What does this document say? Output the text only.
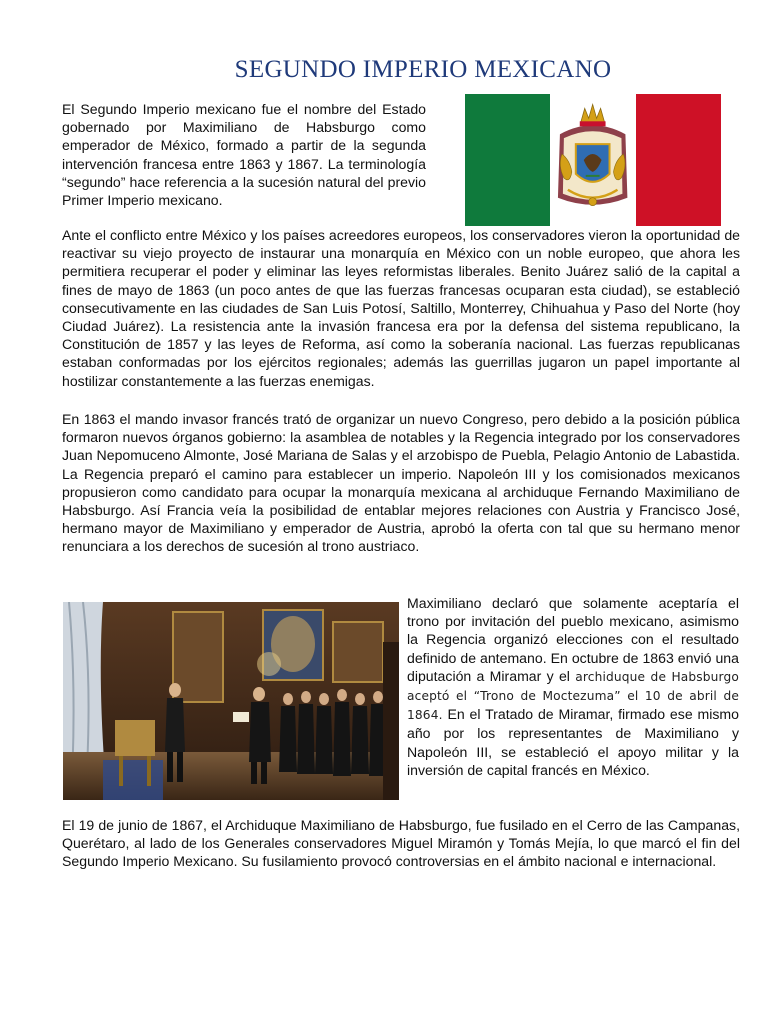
SEGUNDO IMPERIO MEXICANO

El Segundo Imperio mexicano fue el nombre del Estado gobernado por Maximiliano de Habsburgo como emperador de México, formado a partir de la segunda intervención francesa entre 1863 y 1867. La terminología “segundo” hace referencia a la sucesión natural del previo Primer Imperio mexicano.

Ante el conflicto entre México y los países acreedores europeos, los conservadores vieron la oportunidad de reactivar su viejo proyecto de instaurar una monarquía en México con un noble europeo, que ahora les permitiera recuperar el poder y eliminar las leyes reformistas liberales. Benito Juárez salió de la capital a fines de mayo de 1863 (un poco antes de que las fuerzas francesas ocuparan esta ciudad), se estableció consecutivamente en las ciudades de San Luis Potosí, Saltillo, Monterrey, Chihuahua y Paso del Norte (hoy Ciudad Juárez). La resistencia ante la invasión francesa era por la defensa del sistema republicano, la Constitución de 1857 y las leyes de Reforma, así como la soberanía nacional. Las fuerzas republicanas estaban conformadas por los ejércitos regionales; además las guerrillas jugaron un papel importante al hostilizar constantemente a las fuerzas enemigas.

En 1863 el mando invasor francés trató de organizar un nuevo Congreso, pero debido a la posición pública formaron nuevos órganos gobierno: la asamblea de notables y la Regencia integrado por los conservadores Juan Nepomuceno Almonte, José Mariana de Salas y el arzobispo de Puebla, Pelagio Antonio de Labastida. La Regencia preparó el camino para establecer un imperio. Napoleón III y los comisionados mexicanos propusieron como candidato para ocupar la monarquía mexicana al archiduque Fernando Maximiliano de Habsburgo. Así Francia veía la posibilidad de entablar mejores relaciones con Austria y Francisco José, hermano mayor de Maximiliano y emperador de Austria, aprobó la oferta con tal que su hermano menor renunciara a los derechos de sucesión al trono austriaco.

Maximiliano declaró que solamente aceptaría el trono por invitación del pueblo mexicano, asimismo la Regencia organizó elecciones con el resultado definido de antemano. En octubre de 1863 envió una diputación a Miramar y el archiduque de Habsburgo aceptó el “Trono de Moctezuma” el 10 de abril de 1864. En el Tratado de Miramar, firmado ese mismo año por los representantes de Maximiliano y Napoleón III, se estableció el apoyo militar y la inversión de capital francés en México.

El 19 de junio de 1867, el Archiduque Maximiliano de Habsburgo, fue fusilado en el Cerro de las Campanas, Querétaro, al lado de los Generales conservadores Miguel Miramón y Tomás Mejía, lo que marcó el fin del Segundo Imperio Mexicano. Su fusilamiento provocó controversias en el ámbito nacional e internacional.
